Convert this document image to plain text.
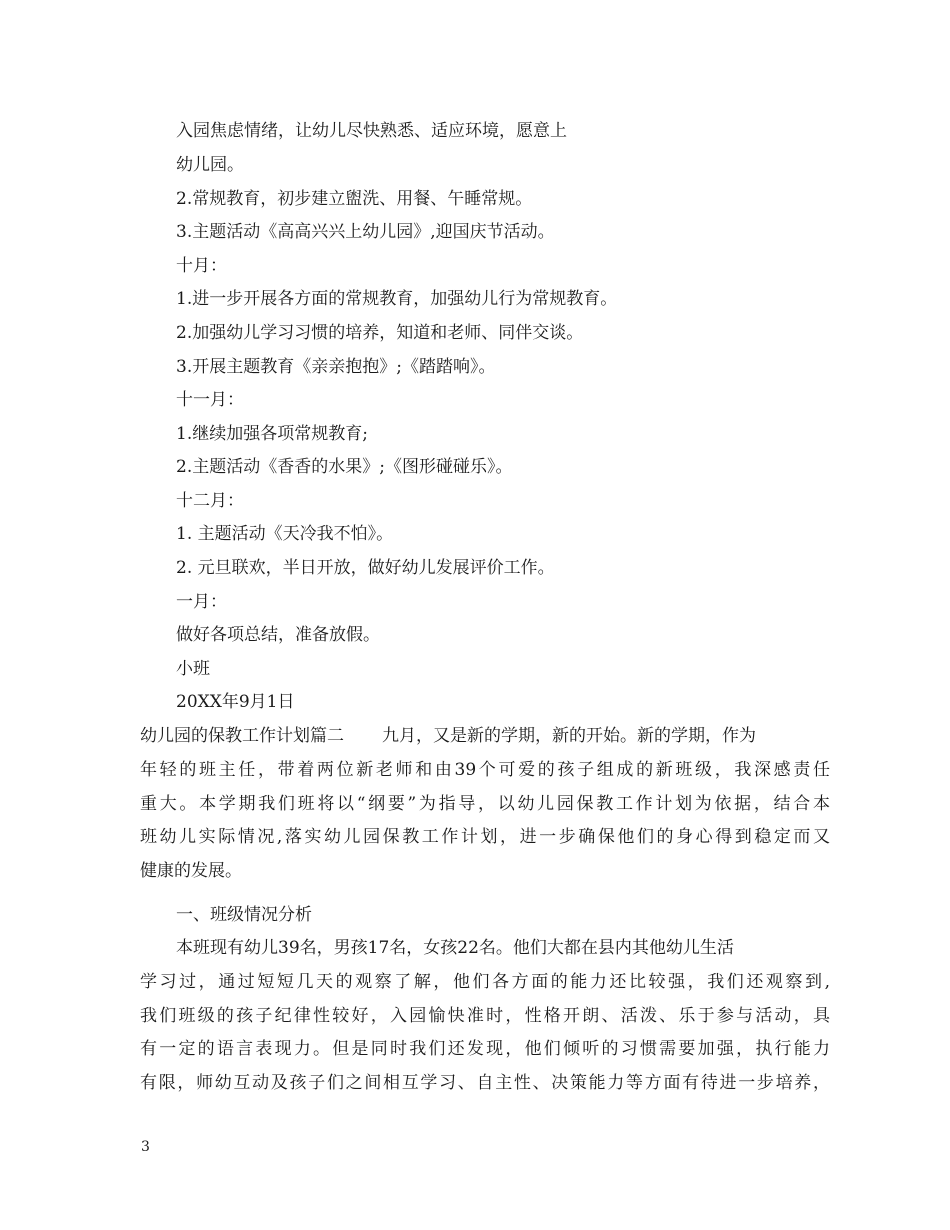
入园焦虑情绪，让幼儿尽快熟悉、适应环境，愿意上
幼儿园。
2.常规教育，初步建立盥洗、用餐、午睡常规。
3.主题活动《高高兴兴上幼儿园》,迎国庆节活动。
十月：
1.进一步开展各方面的常规教育，加强幼儿行为常规教育。
2.加强幼儿学习习惯的培养，知道和老师、同伴交谈。
3.开展主题教育《亲亲抱抱》;《踏踏响》。
十一月：
1.继续加强各项常规教育;
2.主题活动《香香的水果》;《图形碰碰乐》。
十二月：
1. 主题活动《天冷我不怕》。
2. 元旦联欢，半日开放，做好幼儿发展评价工作。
一月：
做好各项总结，准备放假。
小班
20XX年9月1日
幼儿园的保教工作计划篇二 九月，又是新的学期，新的开始。新的学期，作为
年轻的班主任，带着两位新老师和由39个可爱的孩子组成的新班级，我深感责任
重大。本学期我们班将以“纲要”为指导，以幼儿园保教工作计划为依据，结合本
班幼儿实际情况,落实幼儿园保教工作计划，进一步确保他们的身心得到稳定而又
健康的发展。
一、班级情况分析
本班现有幼儿39名，男孩17名，女孩22名。他们大都在县内其他幼儿生活
学习过，通过短短几天的观察了解，他们各方面的能力还比较强，我们还观察到,
我们班级的孩子纪律性较好，入园愉快准时，性格开朗、活泼、乐于参与活动，具
有一定的语言表现力。但是同时我们还发现，他们倾听的习惯需要加强，执行能力
有限，师幼互动及孩子们之间相互学习、自主性、决策能力等方面有待进一步培养，
3
